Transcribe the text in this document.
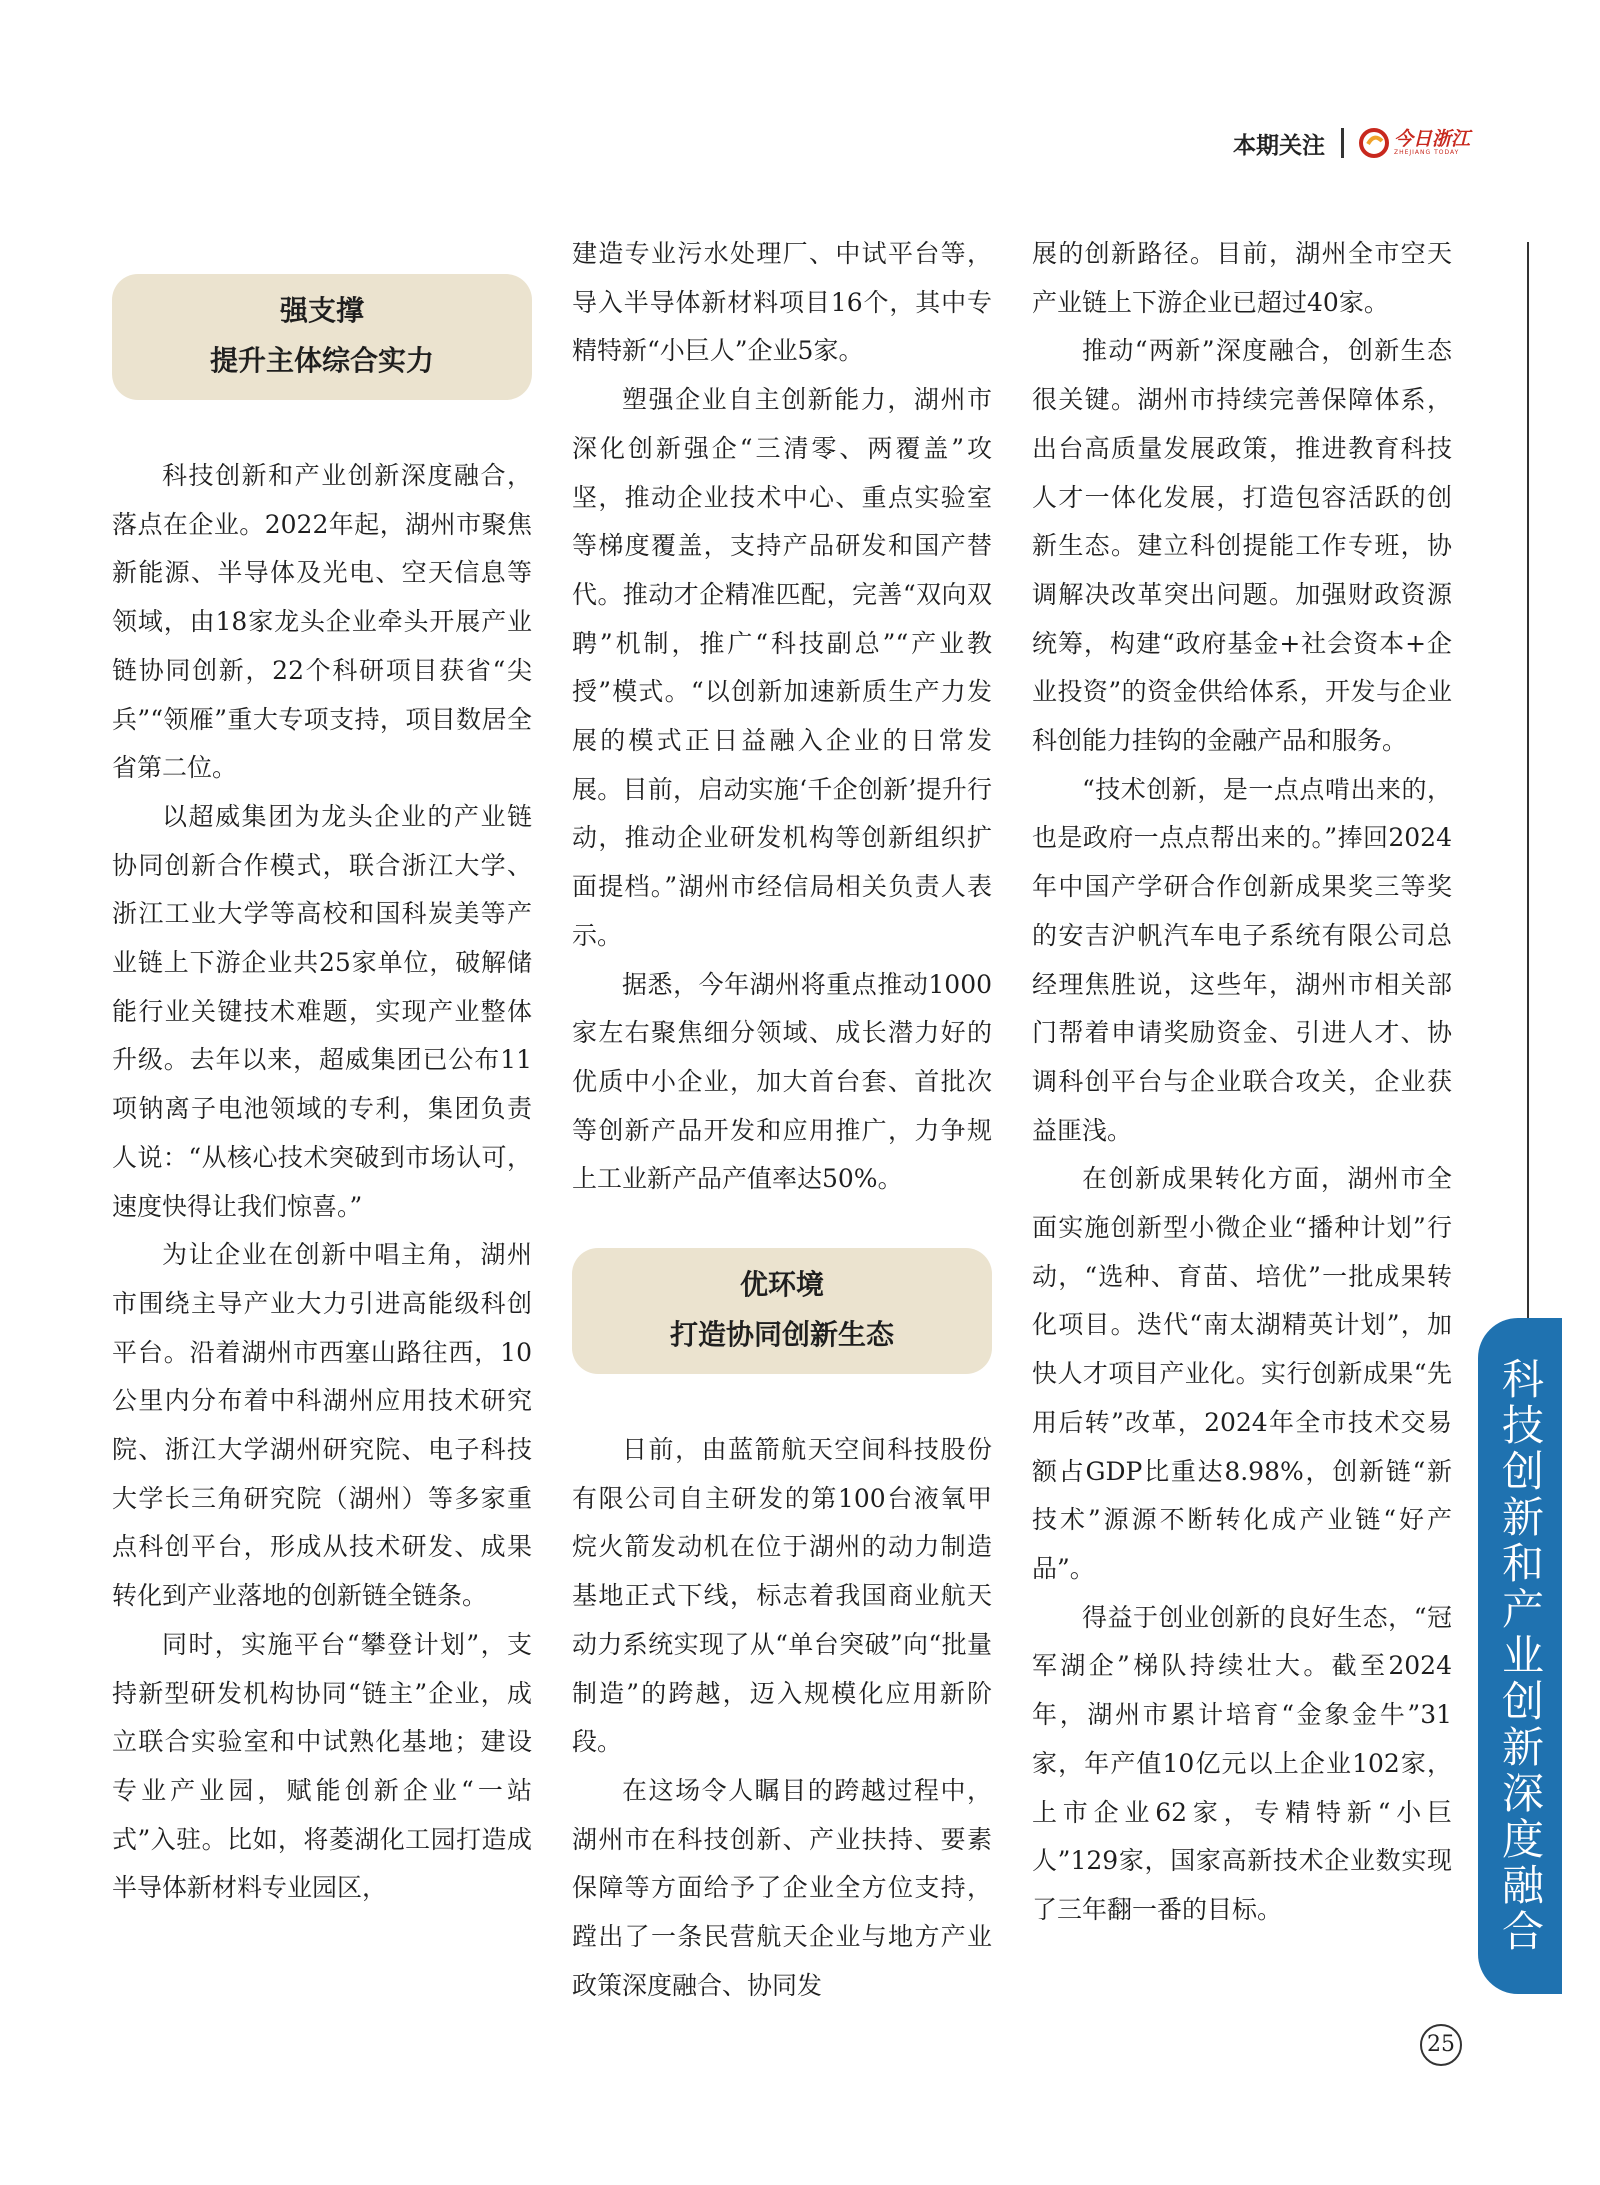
本期关注	今日浙江
ZHEJIANG TODAY
强支撑
提升主体综合实力

科技创新和产业创新深度融合，落点在企业。2022年起，湖州市聚焦新能源、半导体及光电、空天信息等领域，由18家龙头企业牵头开展产业链协同创新，22个科研项目获省“尖兵”“领雁”重大专项支持，项目数居全省第二位。

以超威集团为龙头企业的产业链协同创新合作模式，联合浙江大学、浙江工业大学等高校和国科炭美等产业链上下游企业共25家单位，破解储能行业关键技术难题，实现产业整体升级。去年以来，超威集团已公布11项钠离子电池领域的专利，集团负责人说：“从核心技术突破到市场认可，速度快得让我们惊喜。”

为让企业在创新中唱主角，湖州市围绕主导产业大力引进高能级科创平台。沿着湖州市西塞山路往西，10公里内分布着中科湖州应用技术研究院、浙江大学湖州研究院、电子科技大学长三角研究院（湖州）等多家重点科创平台，形成从技术研发、成果转化到产业落地的创新链全链条。

同时，实施平台“攀登计划”，支持新型研发机构协同“链主”企业，成立联合实验室和中试熟化基地；建设专业产业园，赋能创新企业“一站式”入驻。比如，将菱湖化工园打造成半导体新材料专业园区，

建造专业污水处理厂、中试平台等，导入半导体新材料项目16个，其中专精特新“小巨人”企业5家。

塑强企业自主创新能力，湖州市深化创新强企“三清零、两覆盖”攻坚，推动企业技术中心、重点实验室等梯度覆盖，支持产品研发和国产替代。推动才企精准匹配，完善“双向双聘”机制，推广“科技副总”“产业教授”模式。“以创新加速新质生产力发展的模式正日益融入企业的日常发展。目前，启动实施‘千企创新’提升行动，推动企业研发机构等创新组织扩面提档。”湖州市经信局相关负责人表示。

据悉，今年湖州将重点推动1000家左右聚焦细分领域、成长潜力好的优质中小企业，加大首台套、首批次等创新产品开发和应用推广，力争规上工业新产品产值率达50%。

优环境
打造协同创新生态

日前，由蓝箭航天空间科技股份有限公司自主研发的第100台液氧甲烷火箭发动机在位于湖州的动力制造基地正式下线，标志着我国商业航天动力系统实现了从“单台突破”向“批量制造”的跨越，迈入规模化应用新阶段。

在这场令人瞩目的跨越过程中，湖州市在科技创新、产业扶持、要素保障等方面给予了企业全方位支持，蹚出了一条民营航天企业与地方产业政策深度融合、协同发

展的创新路径。目前，湖州全市空天产业链上下游企业已超过40家。

推动“两新”深度融合，创新生态很关键。湖州市持续完善保障体系，出台高质量发展政策，推进教育科技人才一体化发展，打造包容活跃的创新生态。建立科创提能工作专班，协调解决改革突出问题。加强财政资源统筹，构建“政府基金+社会资本+企业投资”的资金供给体系，开发与企业科创能力挂钩的金融产品和服务。

“技术创新，是一点点啃出来的，也是政府一点点帮出来的。”捧回2024年中国产学研合作创新成果奖三等奖的安吉沪帆汽车电子系统有限公司总经理焦胜说，这些年，湖州市相关部门帮着申请奖励资金、引进人才、协调科创平台与企业联合攻关，企业获益匪浅。

在创新成果转化方面，湖州市全面实施创新型小微企业“播种计划”行动，“选种、育苗、培优”一批成果转化项目。迭代“南太湖精英计划”，加快人才项目产业化。实行创新成果“先用后转”改革，2024年全市技术交易额占GDP比重达8.98%，创新链“新技术”源源不断转化成产业链“好产品”。

得益于创业创新的良好生态，“冠军湖企”梯队持续壮大。截至2024年，湖州市累计培育“金象金牛”31家，年产值10亿元以上企业102家，上市企业62家，专精特新“小巨人”129家，国家高新技术企业数实现了三年翻一番的目标。	科技创新和产业创新深度融合
25
